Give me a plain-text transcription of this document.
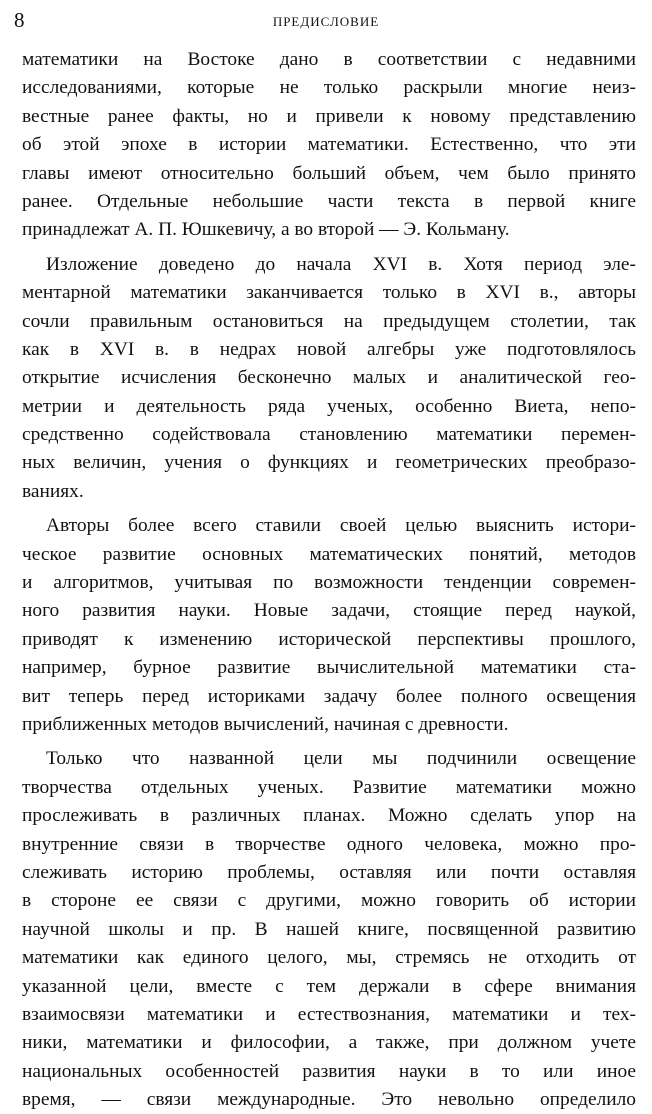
8	ПРЕДИСЛОВИЕ
математики на Востоке дано в соответствии с недавними
исследованиями, которые не только раскрыли многие неиз-
вестные ранее факты, но и привели к новому представлению
об этой эпохе в истории математики. Естественно, что эти
главы имеют относительно больший объем, чем было принято
ранее. Отдельные небольшие части текста в первой книге
принадлежат А. П. Юшкевичу, а во второй — Э. Кольману.
Изложение доведено до начала XVI в. Хотя период эле-
ментарной математики заканчивается только в XVI в., авторы
сочли правильным остановиться на предыдущем столетии, так
как в XVI в. в недрах новой алгебры уже подготовлялось
открытие исчисления бесконечно малых и аналитической гео-
метрии и деятельность ряда ученых, особенно Виета, непо-
средственно содействовала становлению математики перемен-
ных величин, учения о функциях и геометрических преобразо-
ваниях.
Авторы более всего ставили своей целью выяснить истори-
ческое развитие основных математических понятий, методов
и алгоритмов, учитывая по возможности тенденции современ-
ного развития науки. Новые задачи, стоящие перед наукой,
приводят к изменению исторической перспективы прошлого,
например, бурное развитие вычислительной математики ста-
вит теперь перед историками задачу более полного освещения
приближенных методов вычислений, начиная с древности.
Только что названной цели мы подчинили освещение
творчества отдельных ученых. Развитие математики можно
прослеживать в различных планах. Можно сделать упор на
внутренние связи в творчестве одного человека, можно про-
слеживать историю проблемы, оставляя или почти оставляя
в стороне ее связи с другими, можно говорить об истории
научной школы и пр. В нашей книге, посвященной развитию
математики как единого целого, мы, стремясь не отходить от
указанной цели, вместе с тем держали в сфере внимания
взаимосвязи математики и естествознания, математики и тех-
ники, математики и философии, а также, при должном учете
национальных особенностей развития науки в то или иное
время, — связи международные. Это невольно определило
